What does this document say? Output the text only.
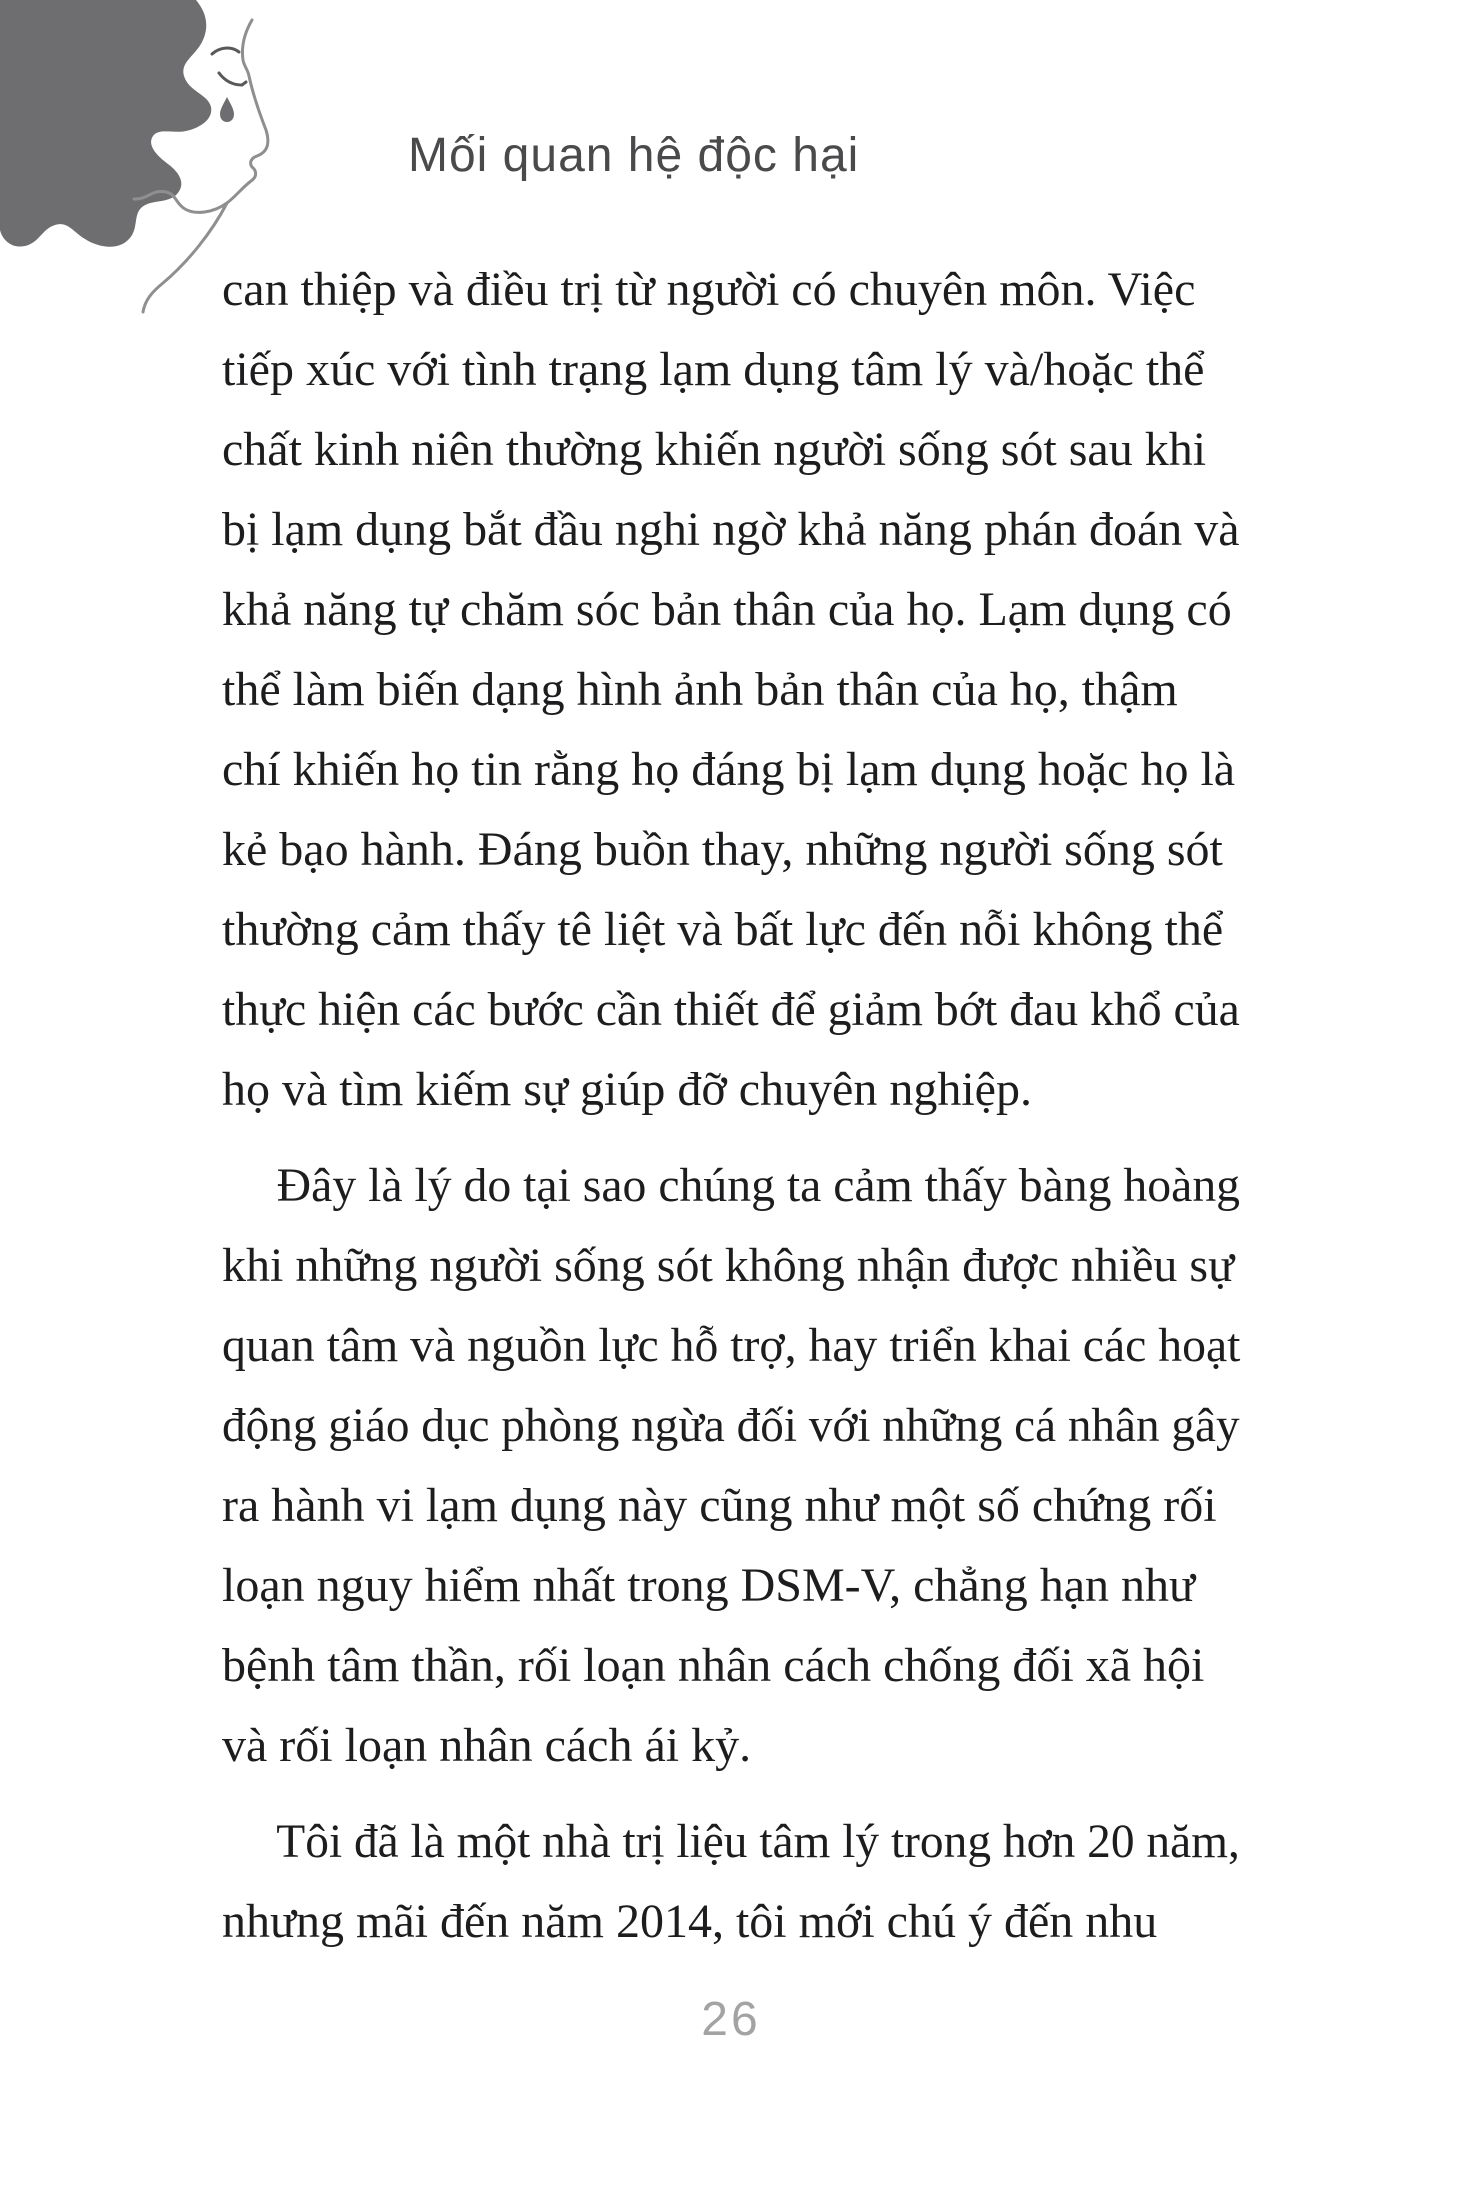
Mối quan hệ độc hại
can thiệp và điều trị từ người có chuyên môn. Việc
tiếp xúc với tình trạng lạm dụng tâm lý và/hoặc thể
chất kinh niên thường khiến người sống sót sau khi
bị lạm dụng bắt đầu nghi ngờ khả năng phán đoán và
khả năng tự chăm sóc bản thân của họ. Lạm dụng có
thể làm biến dạng hình ảnh bản thân của họ, thậm
chí khiến họ tin rằng họ đáng bị lạm dụng hoặc họ là
kẻ bạo hành. Đáng buồn thay, những người sống sót
thường cảm thấy tê liệt và bất lực đến nỗi không thể
thực hiện các bước cần thiết để giảm bớt đau khổ của
họ và tìm kiếm sự giúp đỡ chuyên nghiệp.
Đây là lý do tại sao chúng ta cảm thấy bàng hoàng
khi những người sống sót không nhận được nhiều sự
quan tâm và nguồn lực hỗ trợ, hay triển khai các hoạt
động giáo dục phòng ngừa đối với những cá nhân gây
ra hành vi lạm dụng này cũng như một số chứng rối
loạn nguy hiểm nhất trong DSM-V, chẳng hạn như
bệnh tâm thần, rối loạn nhân cách chống đối xã hội
và rối loạn nhân cách ái kỷ.
Tôi đã là một nhà trị liệu tâm lý trong hơn 20 năm,
nhưng mãi đến năm 2014, tôi mới chú ý đến nhu
26
